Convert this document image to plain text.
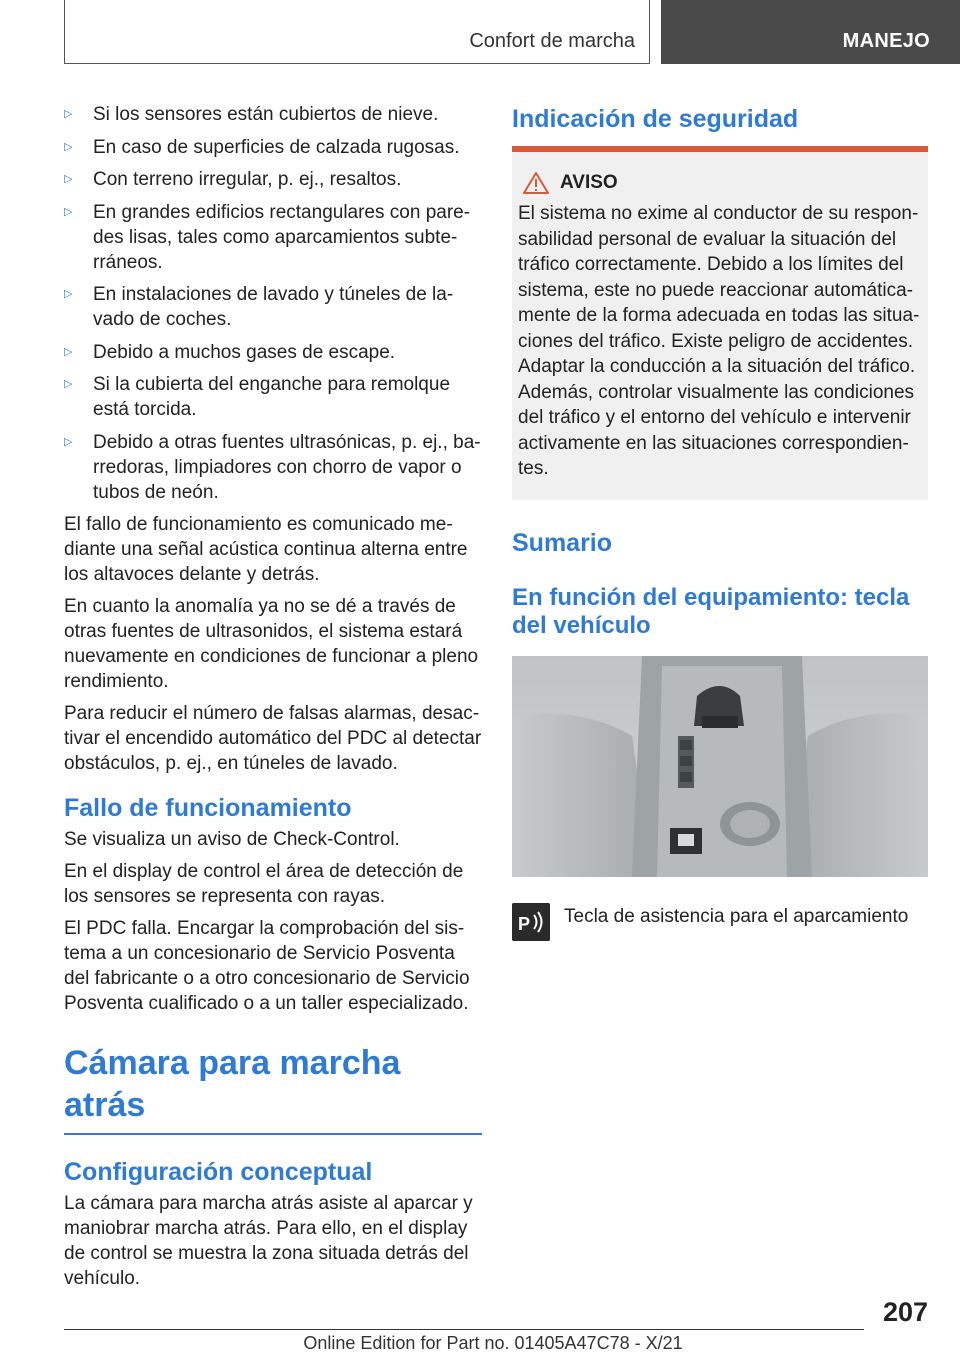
Confort de marcha	MANEJO
▷ Si los sensores están cubiertos de nieve.
▷ En caso de superficies de calzada rugosas.
▷ Con terreno irregular, p. ej., resaltos.
▷ En grandes edificios rectangulares con paredes lisas, tales como aparcamientos subterráneos.
▷ En instalaciones de lavado y túneles de lavado de coches.
▷ Debido a muchos gases de escape.
▷ Si la cubierta del enganche para remolque está torcida.
▷ Debido a otras fuentes ultrasónicas, p. ej., barredoras, limpiadores con chorro de vapor o tubos de neón.

El fallo de funcionamiento es comunicado mediante una señal acústica continua alterna entre los altavoces delante y detrás.

En cuanto la anomalía ya no se dé a través de otras fuentes de ultrasonidos, el sistema estará nuevamente en condiciones de funcionar a pleno rendimiento.

Para reducir el número de falsas alarmas, desactivar el encendido automático del PDC al detectar obstáculos, p. ej., en túneles de lavado.

Fallo de funcionamiento

Se visualiza un aviso de Check-Control.

En el display de control el área de detección de los sensores se representa con rayas.

El PDC falla. Encargar la comprobación del sistema a un concesionario de Servicio Posventa del fabricante o a otro concesionario de Servicio Posventa cualificado o a un taller especializado.

Cámara para marcha atrás
Configuración conceptual

La cámara para marcha atrás asiste al aparcar y maniobrar marcha atrás. Para ello, en el display de control se muestra la zona situada detrás del vehículo.

Indicación de seguridad
AVISO
El sistema no exime al conductor de su responsabilidad personal de evaluar la situación del tráfico correctamente. Debido a los límites del sistema, este no puede reaccionar automáticamente de la forma adecuada en todas las situaciones del tráfico. Existe peligro de accidentes. Adaptar la conducción a la situación del tráfico. Además, controlar visualmente las condiciones del tráfico y el entorno del vehículo e intervenir activamente en las situaciones correspondientes.
Sumario
En función del equipamiento: tecla del vehículo
P Tecla de asistencia para el aparcamiento
207
Online Edition for Part no. 01405A47C78 - X/21
